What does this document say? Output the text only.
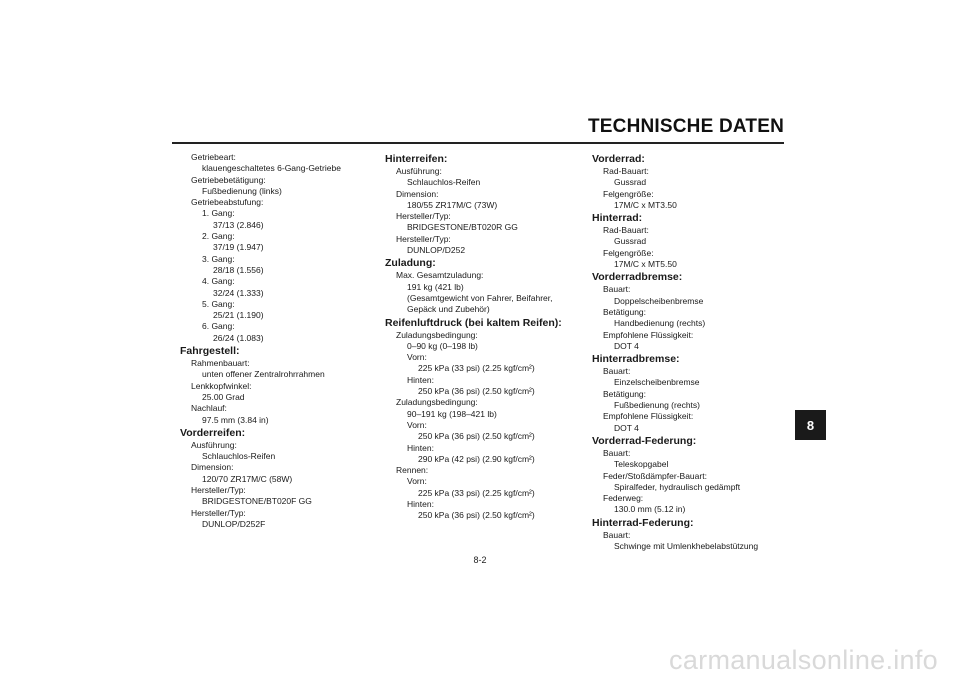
TECHNISCHE DATEN
Getriebeart:
klauengeschaltetes 6-Gang-Getriebe
Getriebebetätigung:
Fußbedienung (links)
Getriebeabstufung:
1. Gang:
37/13 (2.846)
2. Gang:
37/19 (1.947)
3. Gang:
28/18 (1.556)
4. Gang:
32/24 (1.333)
5. Gang:
25/21 (1.190)
6. Gang:
26/24 (1.083)
Fahrgestell:
Rahmenbauart:
unten offener Zentralrohrrahmen
Lenkkopfwinkel:
25.00 Grad
Nachlauf:
97.5 mm (3.84 in)
Vorderreifen:
Ausführung:
Schlauchlos-Reifen
Dimension:
120/70 ZR17M/C (58W)
Hersteller/Typ:
BRIDGESTONE/BT020F GG
Hersteller/Typ:
DUNLOP/D252F
Hinterreifen:
Ausführung:
Schlauchlos-Reifen
Dimension:
180/55 ZR17M/C (73W)
Hersteller/Typ:
BRIDGESTONE/BT020R GG
Hersteller/Typ:
DUNLOP/D252
Zuladung:
Max. Gesamtzuladung:
191 kg (421 lb)
(Gesamtgewicht von Fahrer, Beifahrer,
Gepäck und Zubehör)
Reifenluftdruck (bei kaltem Reifen):
Zuladungsbedingung:
0–90 kg (0–198 lb)
Vorn:
225 kPa (33 psi) (2.25 kgf/cm²)
Hinten:
250 kPa (36 psi) (2.50 kgf/cm²)
Zuladungsbedingung:
90–191 kg (198–421 lb)
Vorn:
250 kPa (36 psi) (2.50 kgf/cm²)
Hinten:
290 kPa (42 psi) (2.90 kgf/cm²)
Rennen:
Vorn:
225 kPa (33 psi) (2.25 kgf/cm²)
Hinten:
250 kPa (36 psi) (2.50 kgf/cm²)
Vorderrad:
Rad-Bauart:
Gussrad
Felgengröße:
17M/C x MT3.50
Hinterrad:
Rad-Bauart:
Gussrad
Felgengröße:
17M/C x MT5.50
Vorderradbremse:
Bauart:
Doppelscheibenbremse
Betätigung:
Handbedienung (rechts)
Empfohlene Flüssigkeit:
DOT 4
Hinterradbremse:
Bauart:
Einzelscheibenbremse
Betätigung:
Fußbedienung (rechts)
Empfohlene Flüssigkeit:
DOT 4
Vorderrad-Federung:
Bauart:
Teleskopgabel
Feder/Stoßdämpfer-Bauart:
Spiralfeder, hydraulisch gedämpft
Federweg:
130.0 mm (5.12 in)
Hinterrad-Federung:
Bauart:
Schwinge mit Umlenkhebelabstützung
8
8-2
carmanualsonline.info
